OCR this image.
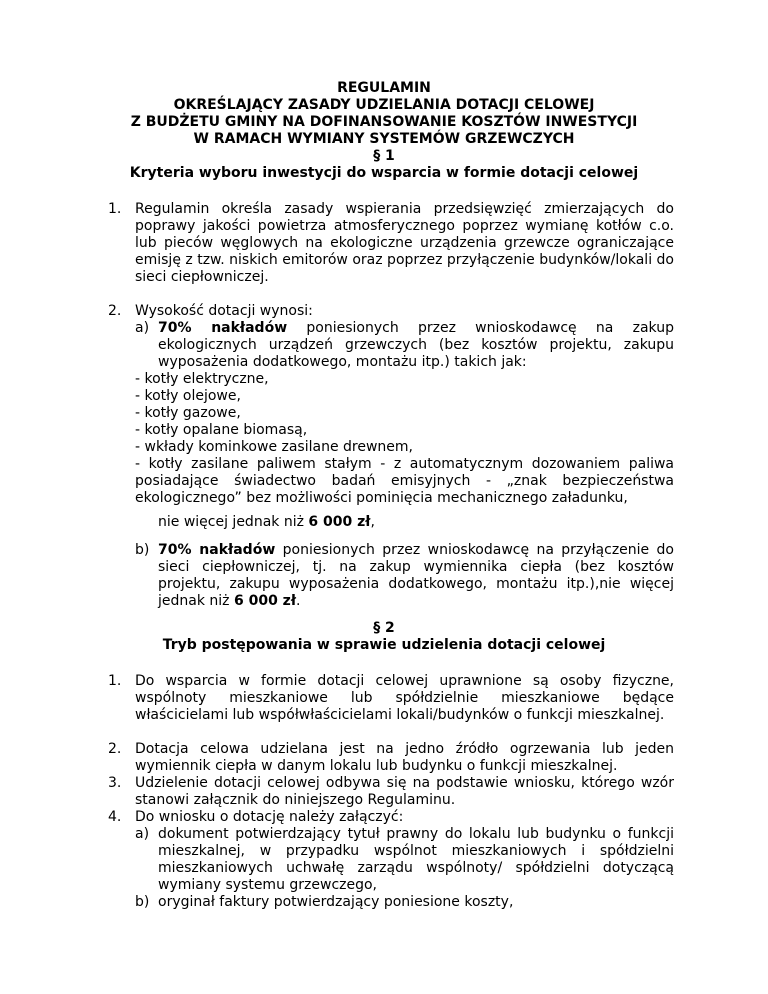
REGULAMIN
OKREŚLAJĄCY ZASADY UDZIELANIA DOTACJI CELOWEJ
Z BUDŻETU GMINY NA DOFINANSOWANIE KOSZTÓW INWESTYCJI
W RAMACH WYMIANY SYSTEMÓW GRZEWCZYCH
§ 1
Kryteria wyboru inwestycji do wsparcia w formie dotacji celowej
1. Regulamin określa zasady wspierania przedsięwzięć zmierzających do poprawy jakości powietrza atmosferycznego poprzez wymianę kotłów c.o. lub pieców węglowych na ekologiczne urządzenia grzewcze ograniczające emisję z tzw. niskich emitorów oraz poprzez przyłączenie budynków/lokali do sieci ciepłowniczej.
2. Wysokość dotacji wynosi:
a) 70% nakładów poniesionych przez wnioskodawcę na zakup ekologicznych urządzeń grzewczych (bez kosztów projektu, zakupu wyposażenia dodatkowego, montażu itp.) takich jak:
- kotły elektryczne,
- kotły olejowe,
- kotły gazowe,
- kotły opalane biomasą,
- wkłady kominkowe zasilane drewnem,
- kotły zasilane paliwem stałym - z automatycznym dozowaniem paliwa posiadające świadectwo badań emisyjnych - „znak bezpieczeństwa ekologicznego” bez możliwości pominięcia mechanicznego załadunku,
nie więcej jednak niż 6 000 zł,
b) 70% nakładów poniesionych przez wnioskodawcę na przyłączenie do sieci ciepłowniczej, tj. na zakup wymiennika ciepła (bez kosztów projektu, zakupu wyposażenia dodatkowego, montażu itp.),nie więcej jednak niż 6 000 zł.
§ 2
Tryb postępowania w sprawie udzielenia dotacji celowej
1. Do wsparcia w formie dotacji celowej uprawnione są osoby fizyczne, wspólnoty mieszkaniowe lub spółdzielnie mieszkaniowe będące właścicielami lub współwłaścicielami lokali/budynków o funkcji mieszkalnej.
2. Dotacja celowa udzielana jest na jedno źródło ogrzewania lub jeden wymiennik ciepła w danym lokalu lub budynku o funkcji mieszkalnej.
3. Udzielenie dotacji celowej odbywa się na podstawie wniosku, którego wzór stanowi załącznik do niniejszego Regulaminu.
4. Do wniosku o dotację należy załączyć:
a) dokument potwierdzający tytuł prawny do lokalu lub budynku o funkcji mieszkalnej, w przypadku wspólnot mieszkaniowych i spółdzielni mieszkaniowych uchwałę zarządu wspólnoty/ spółdzielni dotyczącą wymiany systemu grzewczego,
b) oryginał faktury potwierdzający poniesione koszty,
